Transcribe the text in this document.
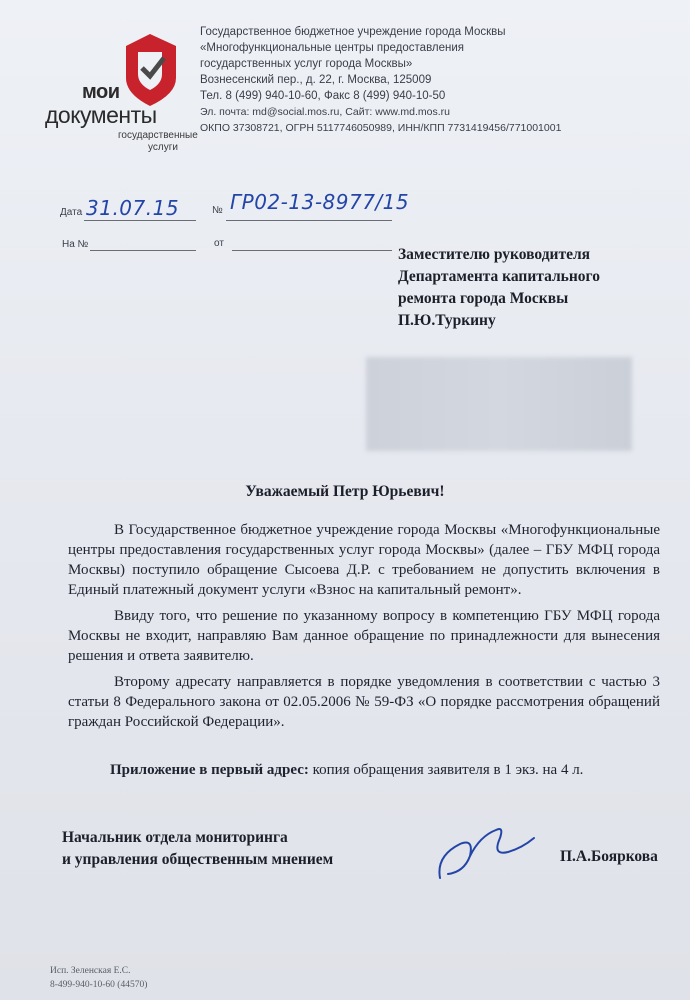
мои
документы
государственные
услуги
Государственное бюджетное учреждение города Москвы
«Многофункциональные центры предоставления
государственных услуг города Москвы»
Вознесенский пер., д. 22, г. Москва, 125009
Тел. 8 (499) 940-10-60, Факс 8 (499) 940-10-50
Эл. почта: md@social.mos.ru, Сайт: www.md.mos.ru
ОКПО 37308721, ОГРН 5117746050989, ИНН/КПП 7731419456/771001001
Дата 31.07.15	№ ГР02-13-8977/15
На №	от
Заместителю руководителя
Департамента капитального
ремонта города Москвы
П.Ю.Туркину
Уважаемый Петр Юрьевич!

В Государственное бюджетное учреждение города Москвы «Многофункциональные центры предоставления государственных услуг города Москвы» (далее – ГБУ МФЦ города Москвы) поступило обращение Сысоева Д.Р. с требованием не допустить включения в Единый платежный документ услуги «Взнос на капитальный ремонт».

Ввиду того, что решение по указанному вопросу в компетенцию ГБУ МФЦ города Москвы не входит, направляю Вам данное обращение по принадлежности для вынесения решения и ответа заявителю.

Второму адресату направляется в порядке уведомления в соответствии с частью 3 статьи 8 Федерального закона от 02.05.2006 № 59-ФЗ «О порядке рассмотрения обращений граждан Российской Федерации».

Приложение в первый адрес: копия обращения заявителя в 1 экз. на 4 л.
Начальник отдела мониторинга
и управления общественным мнением	П.А.Бояркова
Исп. Зеленская Е.С.
8-499-940-10-60 (44570)
